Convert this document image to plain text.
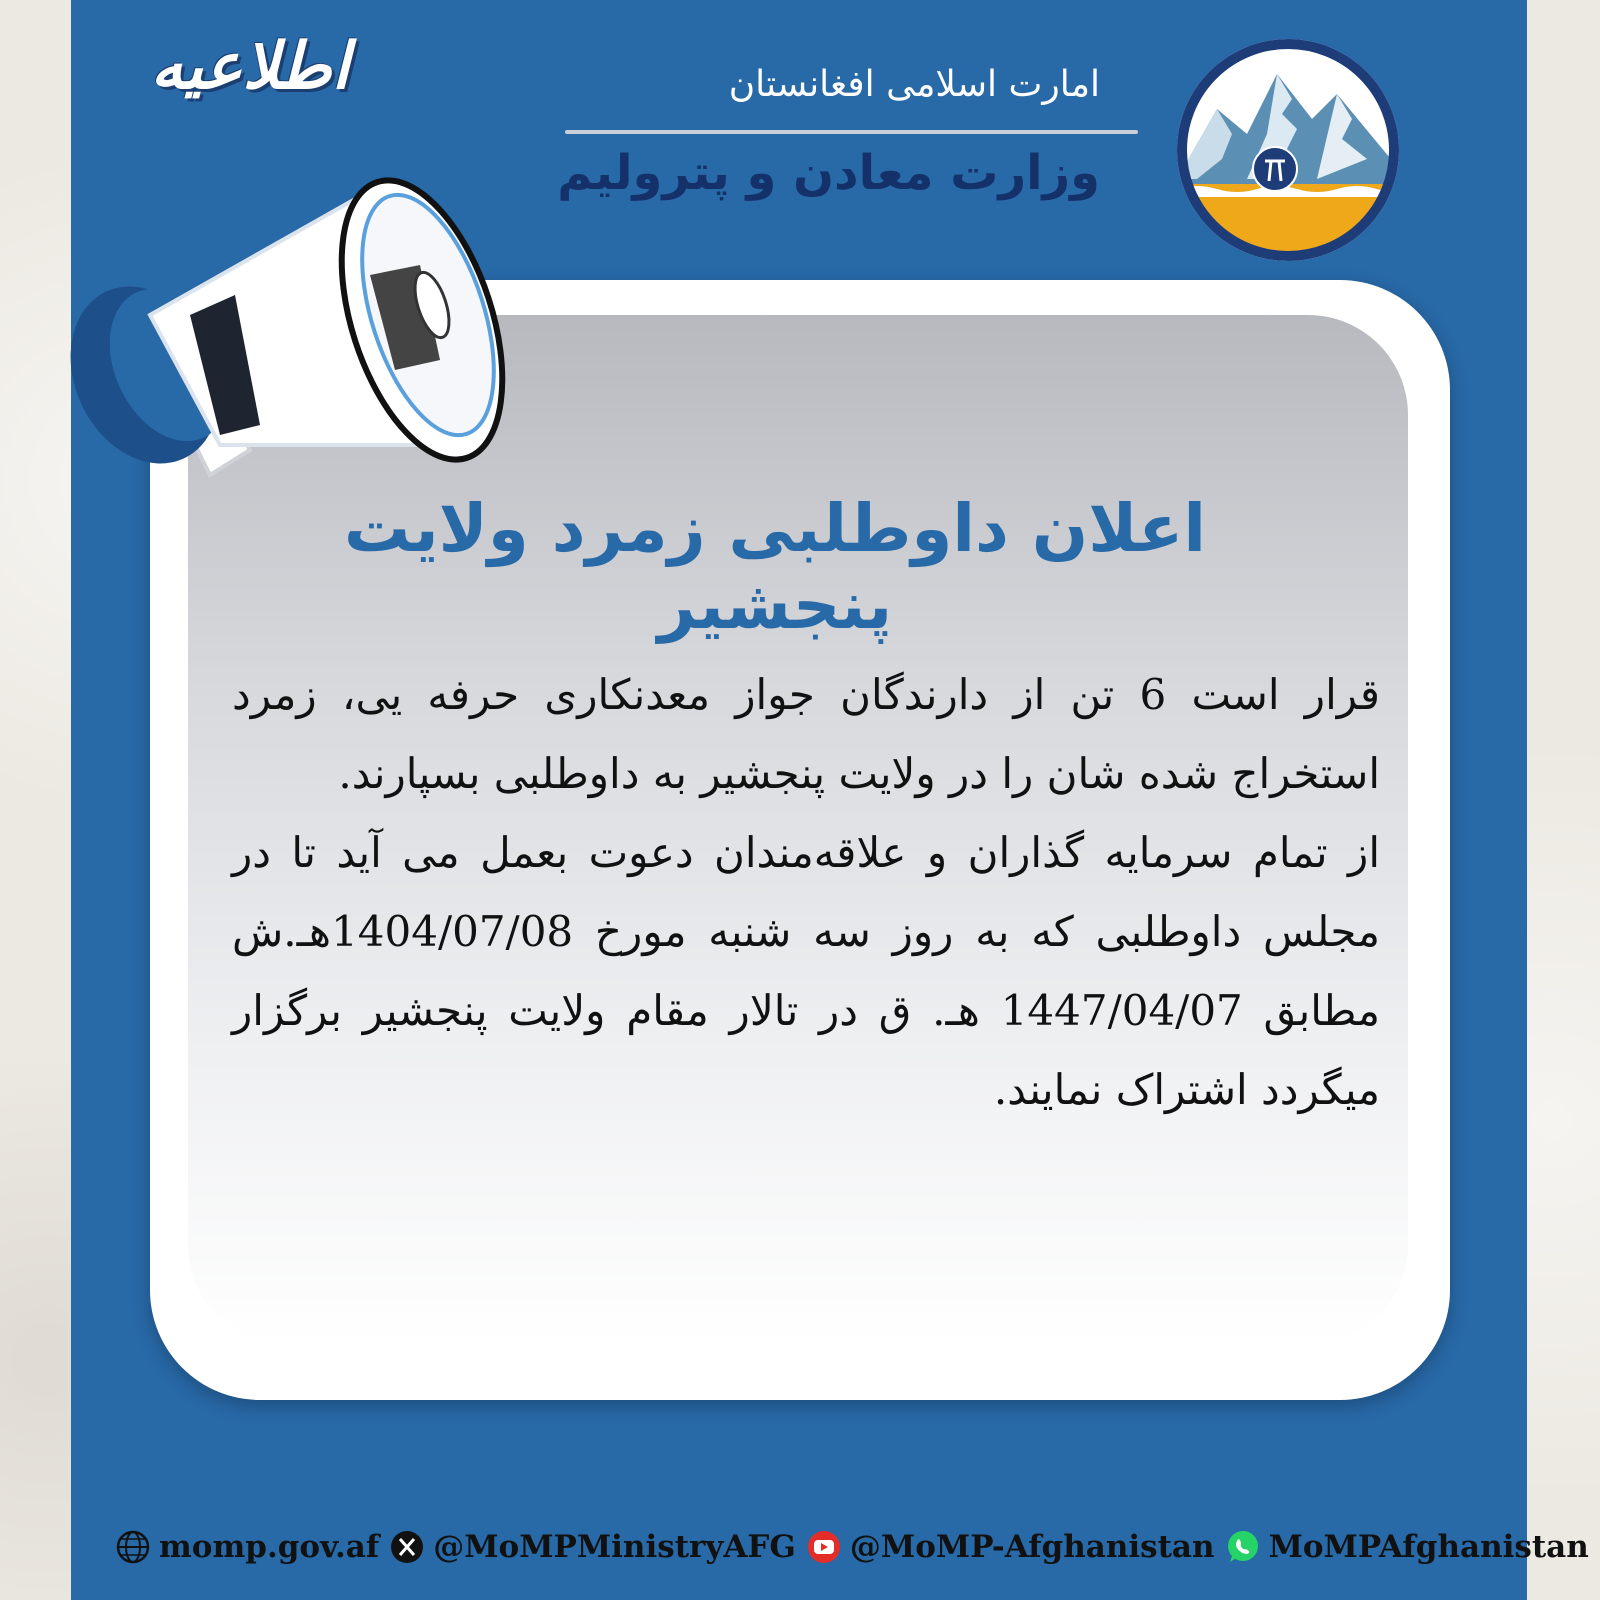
اطلاعیه	امارت اسلامی افغانستان
وزارت معادن و پترولیم
اعلان داوطلبی زمرد ولایت پنجشیر

قرار است 6 تن از دارندگان جواز معدنکاری حرفه یی، زمرد استخراج شده شان را در ولایت پنجشیر به داوطلبی بسپارند.

از تمام سرمایه گذاران و علاقه‌مندان دعوت بعمل می آید تا در مجلس داوطلبی که به روز سه شنبه مورخ 1404/07/08هـ.ش مطابق 1447/04/07 هـ. ق در تالار مقام ولایت پنجشیر برگزار میگردد اشتراک نمایند.

momp.gov.af @MoMPMinistryAFG @MoMP-Afghanistan MoMPAfghanistan
